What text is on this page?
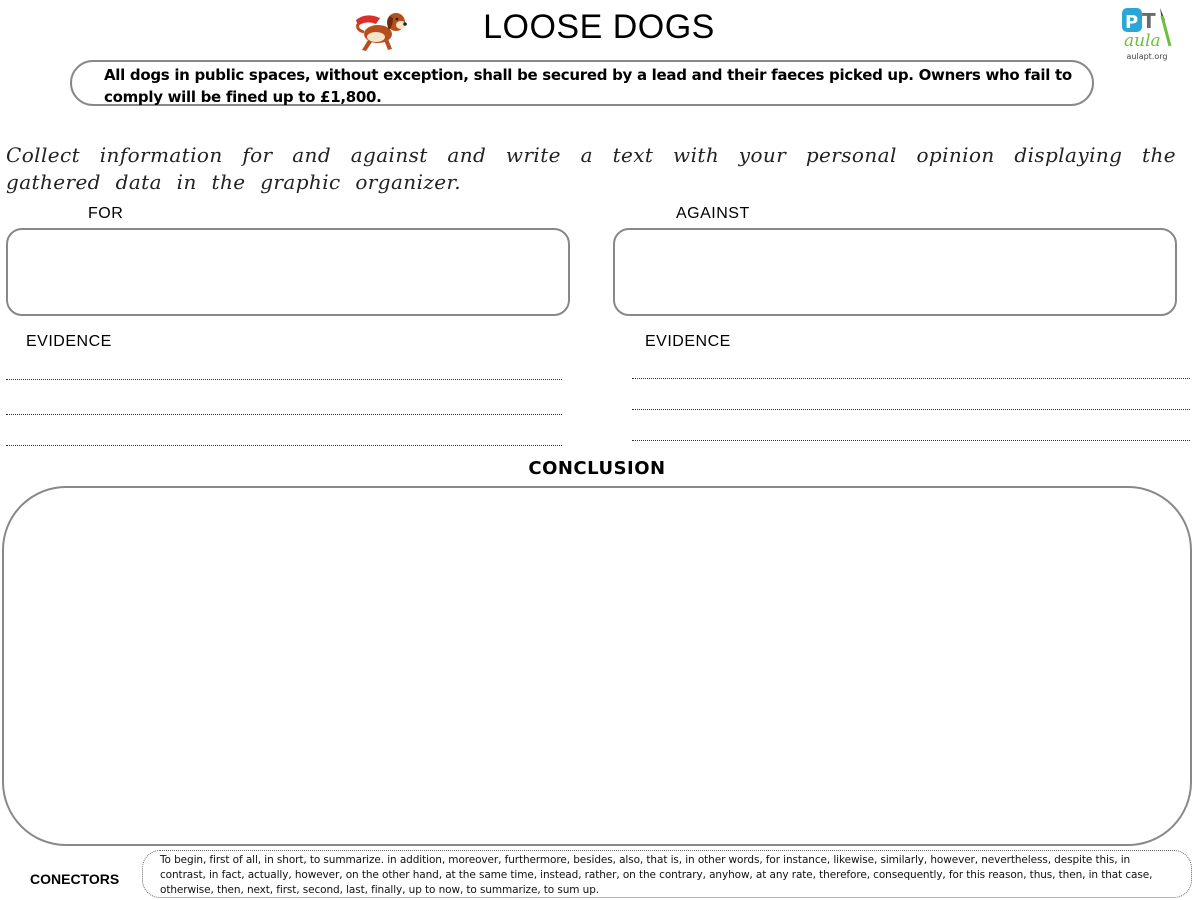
LOOSE DOGS	P T
aula
aulapt.org
All dogs in public spaces, without exception, shall be secured by a lead and their faeces picked up. Owners who fail to comply will be fined up to £1,800.
Collect information for and against and write a text with your personal opinion displaying the gathered data in the graphic organizer.
FOR	AGAINST
EVIDENCE	EVIDENCE
CONCLUSION
CONECTORS
To begin, first of all, in short, to summarize. in addition, moreover, furthermore, besides, also, that is, in other words, for instance, likewise, similarly, however, nevertheless, despite this, in contrast, in fact, actually, however, on the other hand, at the same time, instead, rather, on the contrary, anyhow, at any rate, therefore, consequently, for this reason, thus, then, in that case, otherwise, then, next, first, second, last, finally, up to now, to summarize, to sum up.
